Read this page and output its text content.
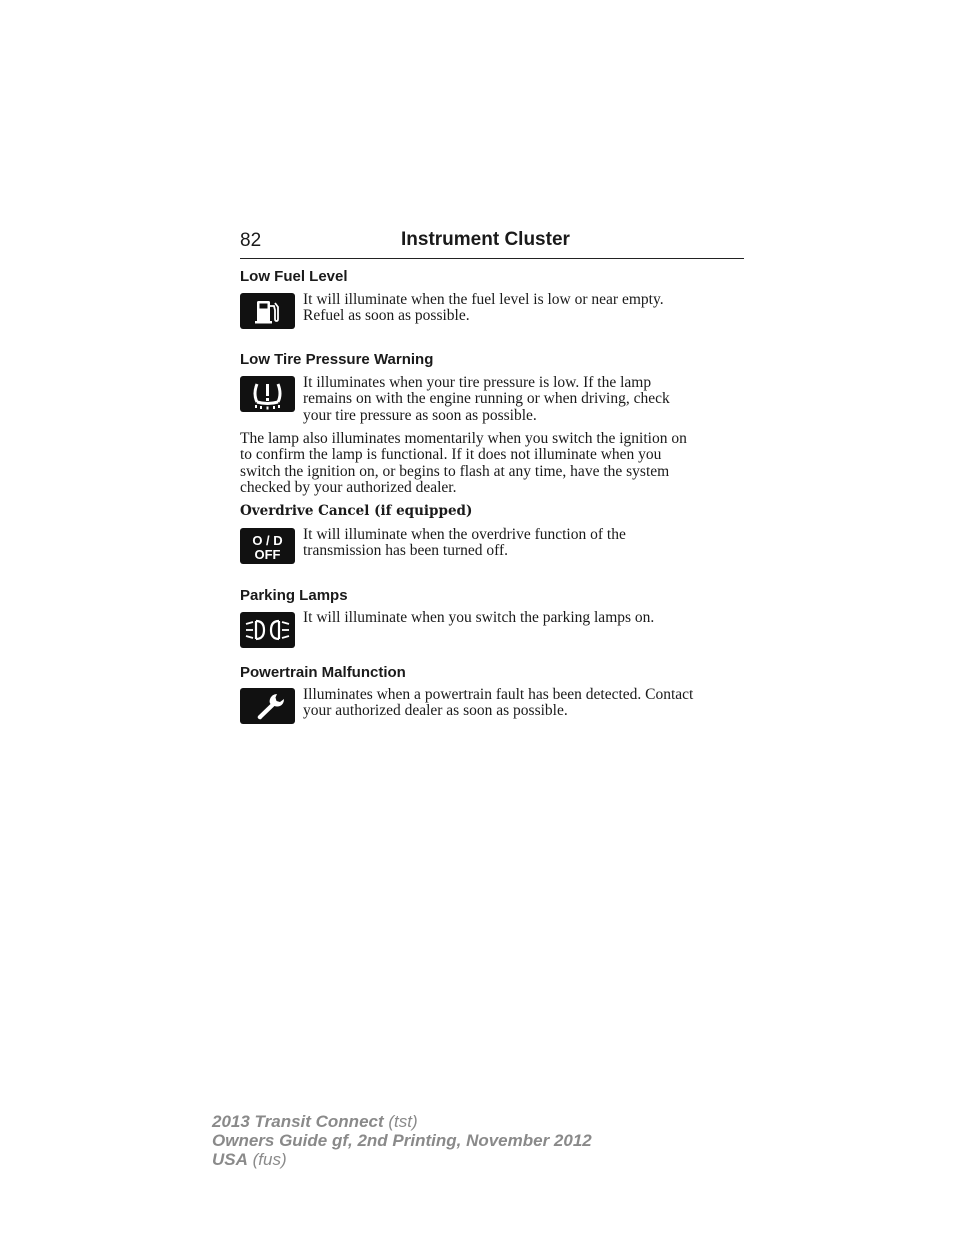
82	Instrument Cluster
Low Fuel Level
It will illuminate when the fuel level is low or near empty.
Refuel as soon as possible.
Low Tire Pressure Warning
It illuminates when your tire pressure is low. If the lamp
remains on with the engine running or when driving, check
your tire pressure as soon as possible.
The lamp also illuminates momentarily when you switch the ignition on
to confirm the lamp is functional. If it does not illuminate when you
switch the ignition on, or begins to flash at any time, have the system
checked by your authorized dealer.
Overdrive Cancel (if equipped)
O / D
OFF
It will illuminate when the overdrive function of the
transmission has been turned off.
Parking Lamps
It will illuminate when you switch the parking lamps on.
Powertrain Malfunction
Illuminates when a powertrain fault has been detected. Contact
your authorized dealer as soon as possible.
2013 Transit Connect (tst)
Owners Guide gf, 2nd Printing, November 2012
USA (fus)
